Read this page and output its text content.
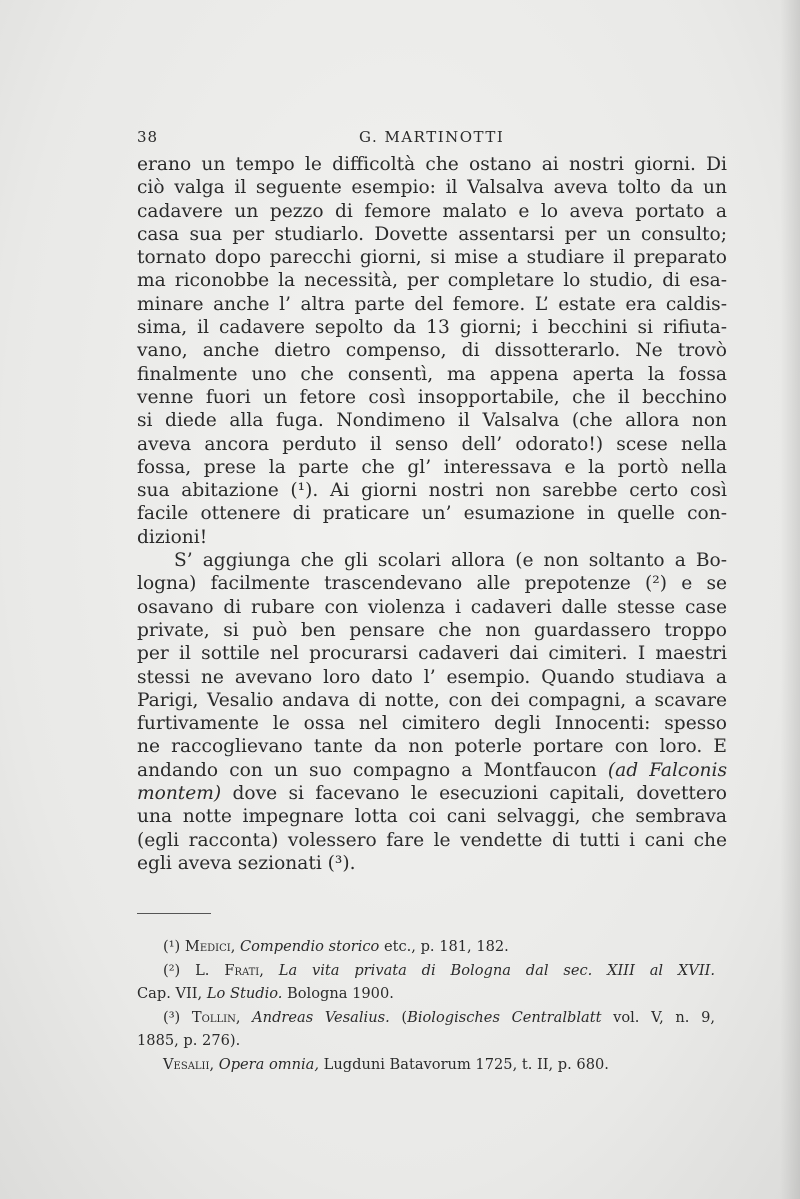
38	G. MARTINOTTI
erano un tempo le difficoltà che ostano ai nostri giorni. Di
ciò valga il seguente esempio: il Valsalva aveva tolto da un
cadavere un pezzo di femore malato e lo aveva portato a
casa sua per studiarlo. Dovette assentarsi per un consulto;
tornato dopo parecchi giorni, si mise a studiare il preparato
ma riconobbe la necessità, per completare lo studio, di esa-
minare anche l’ altra parte del femore. L’ estate era caldis-
sima, il cadavere sepolto da 13 giorni; i becchini si rifiuta-
vano, anche dietro compenso, di dissotterarlo. Ne trovò
finalmente uno che consentì, ma appena aperta la fossa
venne fuori un fetore così insopportabile, che il becchino
si diede alla fuga. Nondimeno il Valsalva (che allora non
aveva ancora perduto il senso dell’ odorato!) scese nella
fossa, prese la parte che gl’ interessava e la portò nella
sua abitazione (¹). Ai giorni nostri non sarebbe certo così
facile ottenere di praticare un’ esumazione in quelle con-
dizioni!
S’ aggiunga che gli scolari allora (e non soltanto a Bo-
logna) facilmente trascendevano alle prepotenze (²) e se
osavano di rubare con violenza i cadaveri dalle stesse case
private, si può ben pensare che non guardassero troppo
per il sottile nel procurarsi cadaveri dai cimiteri. I maestri
stessi ne avevano loro dato l’ esempio. Quando studiava a
Parigi, Vesalio andava di notte, con dei compagni, a scavare
furtivamente le ossa nel cimitero degli Innocenti: spesso
ne raccoglievano tante da non poterle portare con loro. E
andando con un suo compagno a Montfaucon (ad Falconis
montem) dove si facevano le esecuzioni capitali, dovettero
una notte impegnare lotta coi cani selvaggi, che sembrava
(egli racconta) volessero fare le vendette di tutti i cani che
egli aveva sezionati (³).
(¹) Medici, Compendio storico etc., p. 181, 182.
(²) L. Frati, La vita privata di Bologna dal sec. XIII al XVII.
Cap. VII, Lo Studio. Bologna 1900.
(³) Tollin, Andreas Vesalius. (Biologisches Centralblatt vol. V, n. 9,
1885, p. 276).
Vesalii, Opera omnia, Lugduni Batavorum 1725, t. II, p. 680.
